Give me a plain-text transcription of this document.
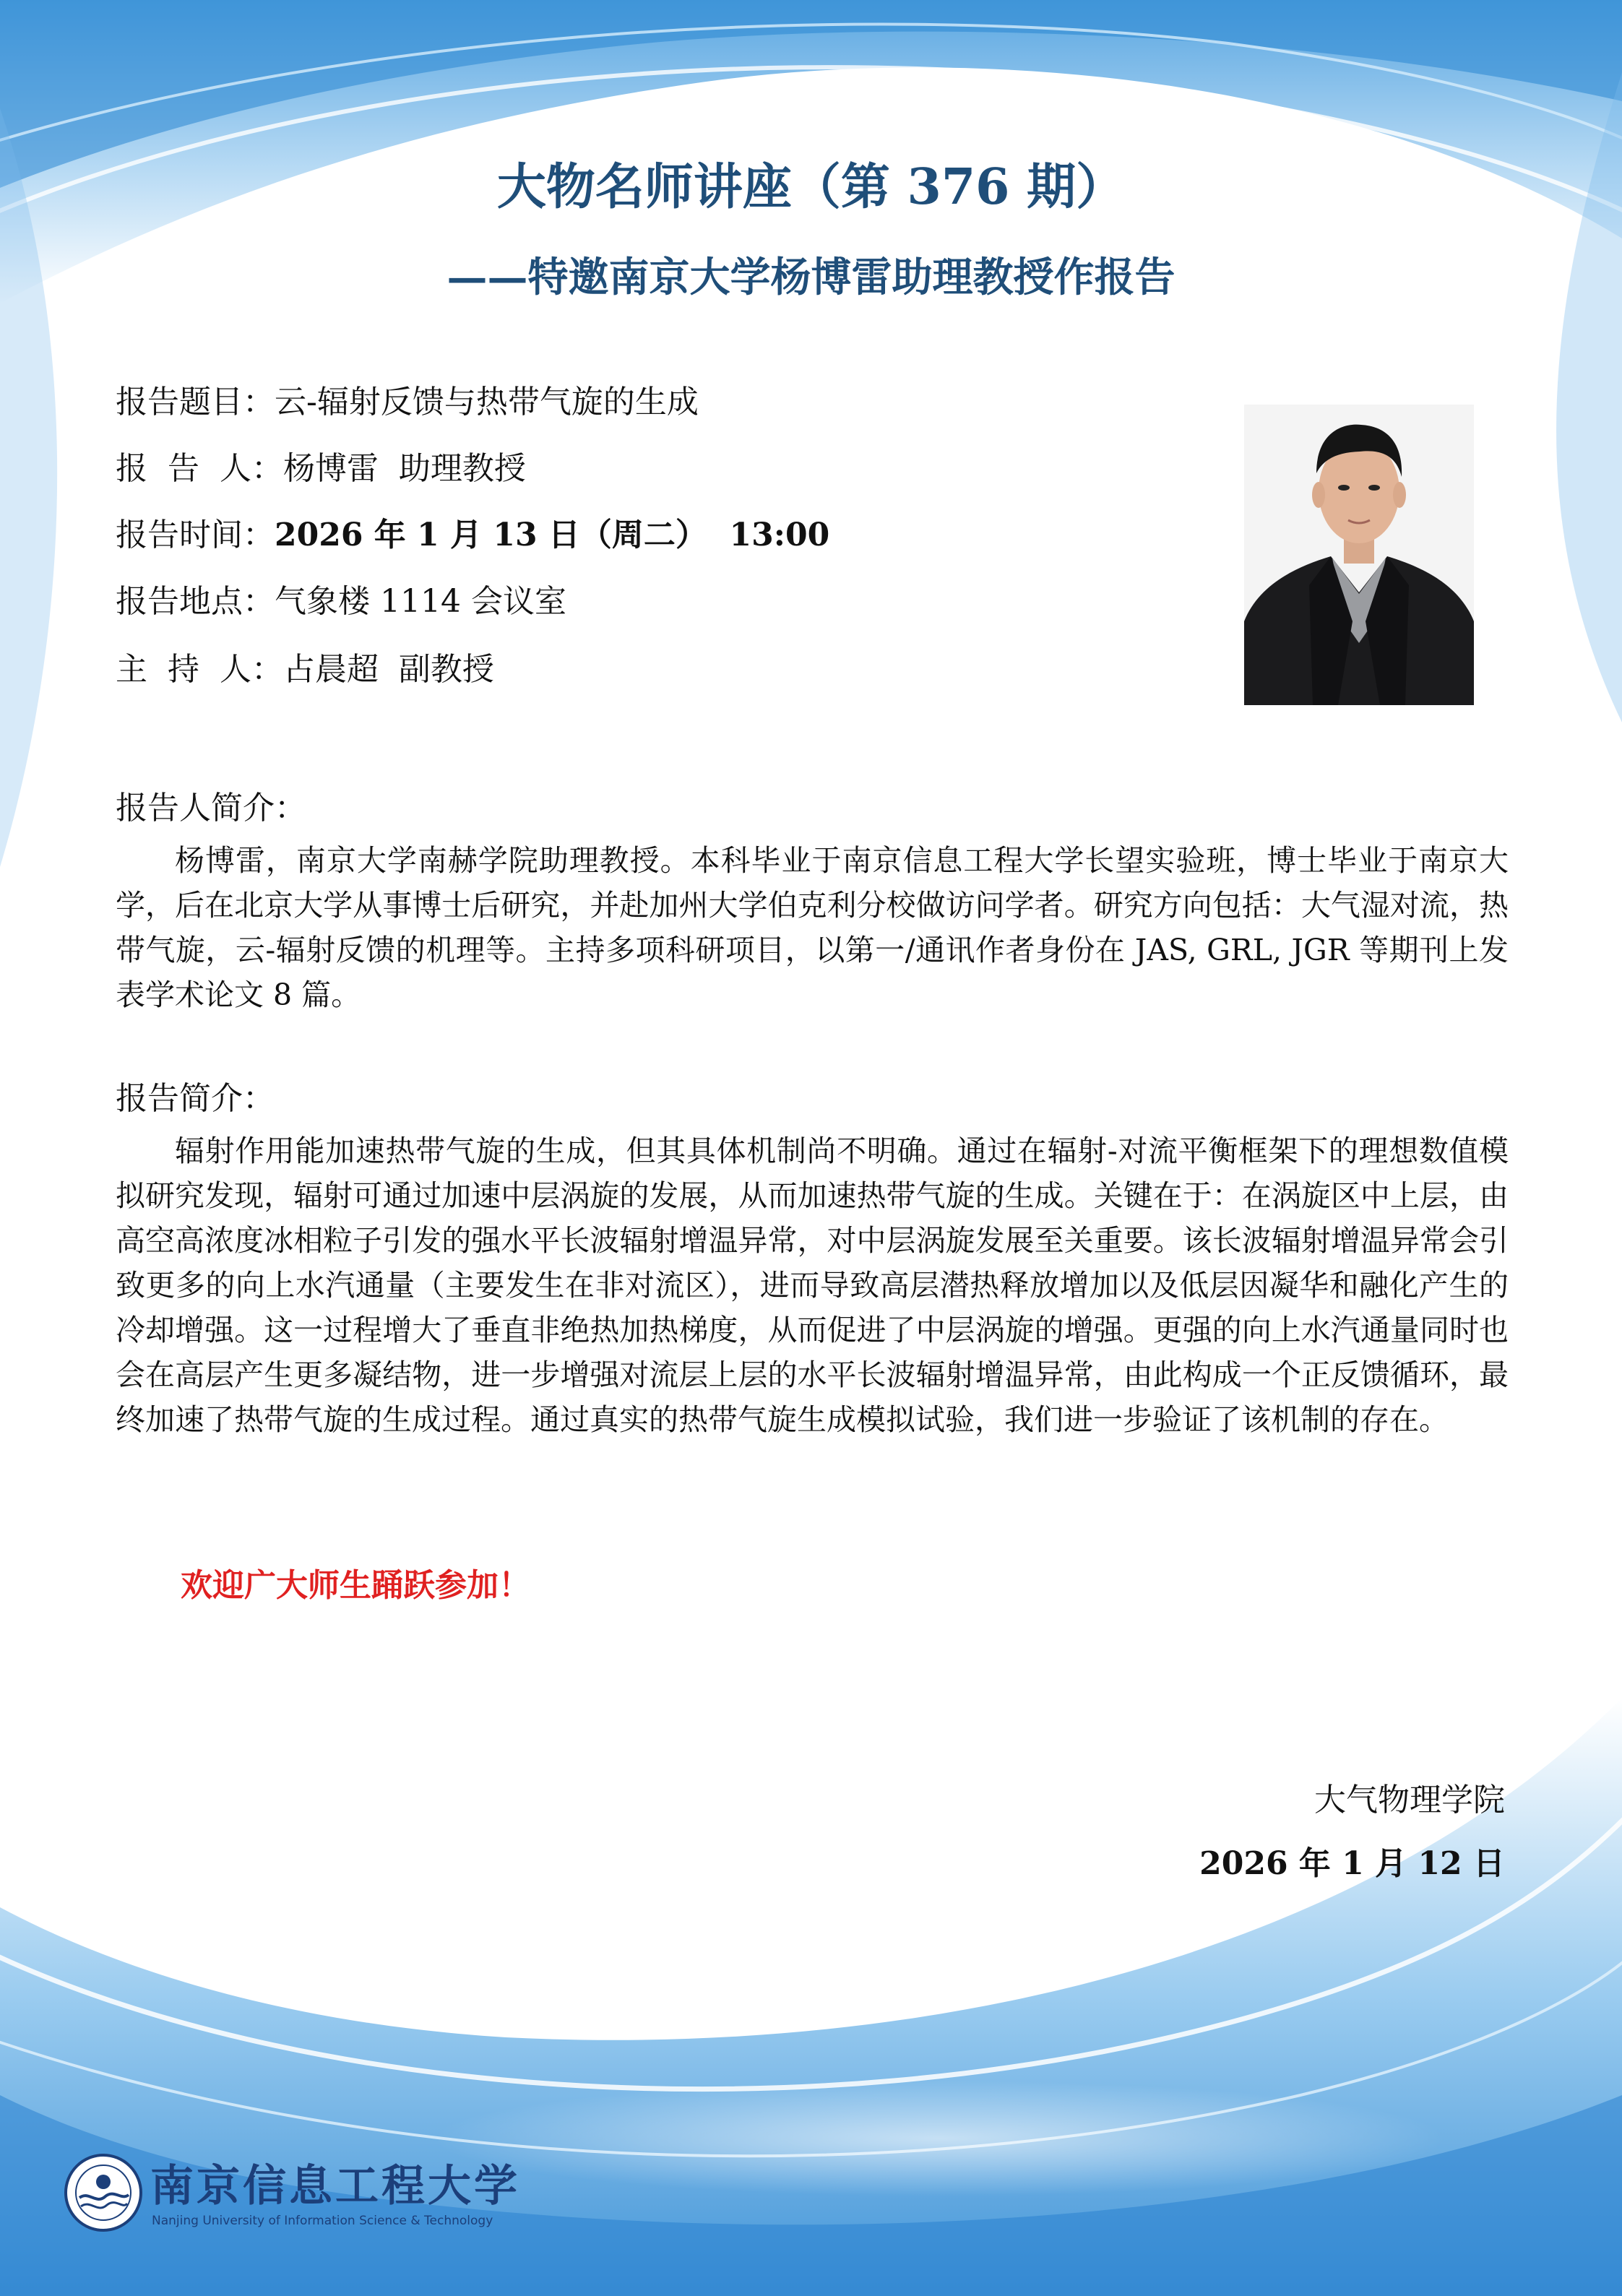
大物名师讲座（第 376 期）
——特邀南京大学杨博雷助理教授作报告
报告题目：云-辐射反馈与热带气旋的生成
报  告  人：杨博雷  助理教授
报告时间：2026 年 1 月 13 日（周二）  13:00
报告地点：气象楼 1114 会议室
主  持  人：占晨超  副教授
报告人简介：
杨博雷，南京大学南赫学院助理教授。本科毕业于南京信息工程大学长望实验班，博士毕业于南京大学，后在北京大学从事博士后研究，并赴加州大学伯克利分校做访问学者。研究方向包括：大气湿对流，热带气旋，云-辐射反馈的机理等。主持多项科研项目，以第一/通讯作者身份在 JAS, GRL, JGR 等期刊上发表学术论文 8 篇。
报告简介：
辐射作用能加速热带气旋的生成，但其具体机制尚不明确。通过在辐射-对流平衡框架下的理想数值模拟研究发现，辐射可通过加速中层涡旋的发展，从而加速热带气旋的生成。关键在于：在涡旋区中上层，由高空高浓度冰相粒子引发的强水平长波辐射增温异常，对中层涡旋发展至关重要。该长波辐射增温异常会引致更多的向上水汽通量（主要发生在非对流区），进而导致高层潜热释放增加以及低层因凝华和融化产生的冷却增强。这一过程增大了垂直非绝热加热梯度，从而促进了中层涡旋的增强。更强的向上水汽通量同时也会在高层产生更多凝结物，进一步增强对流层上层的水平长波辐射增温异常，由此构成一个正反馈循环，最终加速了热带气旋的生成过程。通过真实的热带气旋生成模拟试验，我们进一步验证了该机制的存在。
欢迎广大师生踊跃参加！
大气物理学院
2026 年 1 月 12 日
南京信息工程大学
Nanjing University of Information Science & Technology
